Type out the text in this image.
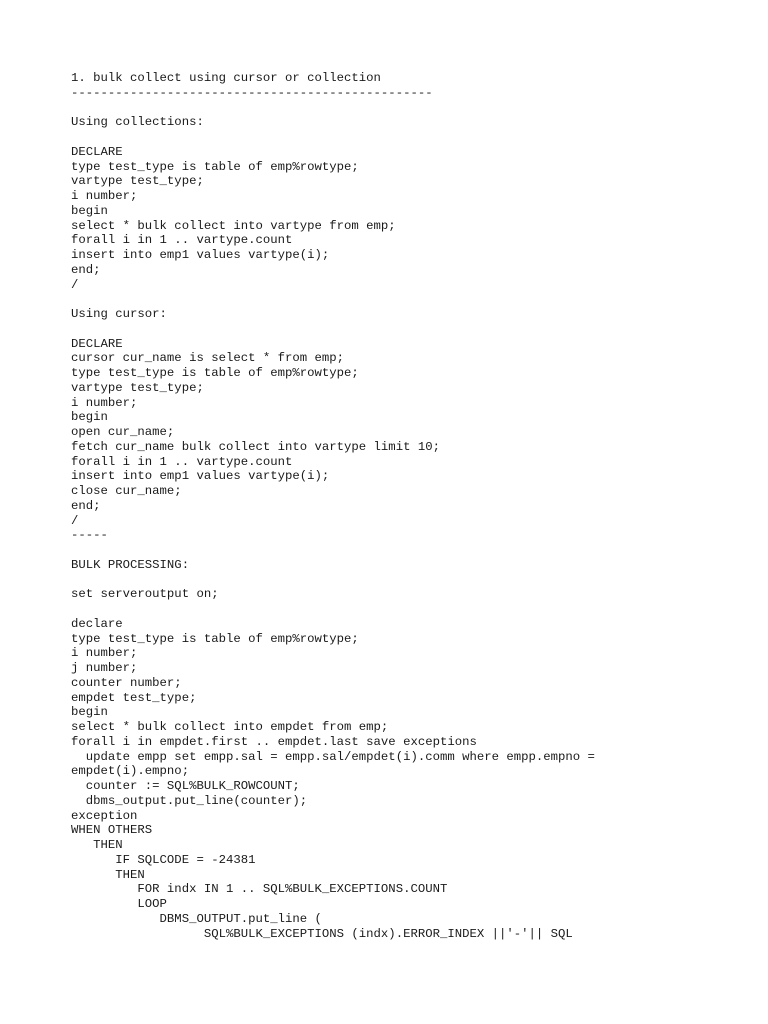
1. bulk collect using cursor or collection
-------------------------------------------------
Using collections:
DECLARE
type test_type is table of emp%rowtype;
vartype test_type;
i number;
begin
select * bulk collect into vartype from emp;
forall i in 1 .. vartype.count
insert into emp1 values vartype(i);
end;
/
Using cursor:
DECLARE
cursor cur_name is select * from emp;
type test_type is table of emp%rowtype;
vartype test_type;
i number;
begin
open cur_name;
fetch cur_name bulk collect into vartype limit 10;
forall i in 1 .. vartype.count
insert into emp1 values vartype(i);
close cur_name;
end;
/
-----
BULK PROCESSING:
set serveroutput on;
declare
type test_type is table of emp%rowtype;
i number;
j number;
counter number;
empdet test_type;
begin
select * bulk collect into empdet from emp;
forall i in empdet.first .. empdet.last save exceptions
update empp set empp.sal = empp.sal/empdet(i).comm where empp.empno =
empdet(i).empno;
counter := SQL%BULK_ROWCOUNT;
dbms_output.put_line(counter);
exception
WHEN OTHERS
THEN
IF SQLCODE = -24381
THEN
FOR indx IN 1 .. SQL%BULK_EXCEPTIONS.COUNT
LOOP
DBMS_OUTPUT.put_line (
SQL%BULK_EXCEPTIONS (indx).ERROR_INDEX ||'-'|| SQL
